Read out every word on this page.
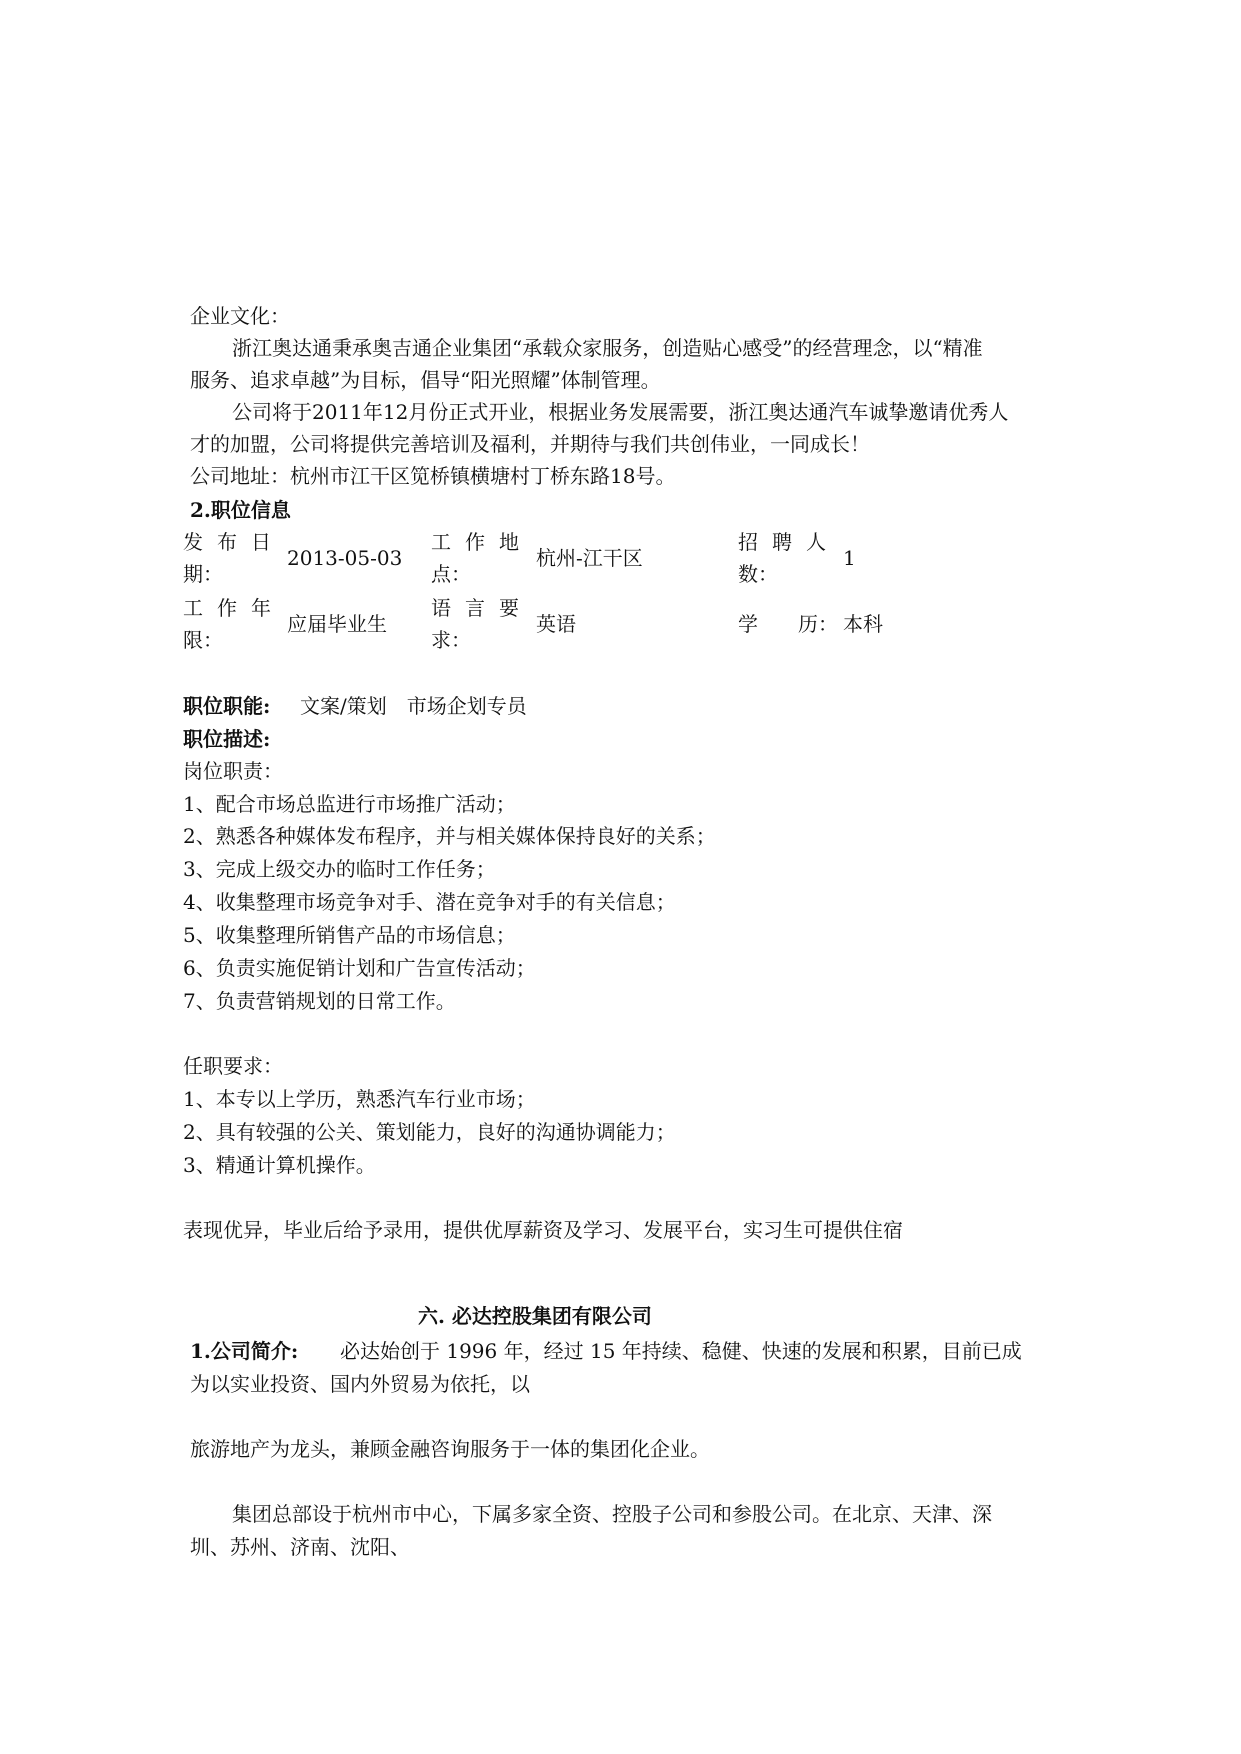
企业文化：
浙江奥达通秉承奥吉通企业集团“承载众家服务，创造贴心感受”的经营理念，以“精准
服务、追求卓越”为目标，倡导“阳光照耀”体制管理。
公司将于2011年12月份正式开业，根据业务发展需要，浙江奥达通汽车诚挚邀请优秀人
才的加盟，公司将提供完善培训及福利，并期待与我们共创伟业，一同成长！
公司地址：杭州市江干区笕桥镇横塘村丁桥东路18号。
2.职位信息
发布日
期：
2013-05-03
工作地
点：
杭州-江干区
招聘人
数：
1
工作年
限：
应届毕业生
语言要
求：
英语	学　　历： 本科
职位职能: 文案/策划　市场企划专员
职位描述:
岗位职责：
1、配合市场总监进行市场推广活动；
2、熟悉各种媒体发布程序，并与相关媒体保持良好的关系；
3、完成上级交办的临时工作任务；
4、收集整理市场竞争对手、潜在竞争对手的有关信息；
5、收集整理所销售产品的市场信息；
6、负责实施促销计划和广告宣传活动；
7、负责营销规划的日常工作。
任职要求：
1、本专以上学历，熟悉汽车行业市场；
2、具有较强的公关、策划能力，良好的沟通协调能力；
3、精通计算机操作。
表现优异，毕业后给予录用，提供优厚薪资及学习、发展平台，实习生可提供住宿
六. 必达控股集团有限公司
1.公司简介: 必达始创于 1996 年，经过 15 年持续、稳健、快速的发展和积累，目前已成
为以实业投资、国内外贸易为依托，以
旅游地产为龙头，兼顾金融咨询服务于一体的集团化企业。
集团总部设于杭州市中心，下属多家全资、控股子公司和参股公司。在北京、天津、深
圳、苏州、济南、沈阳、
